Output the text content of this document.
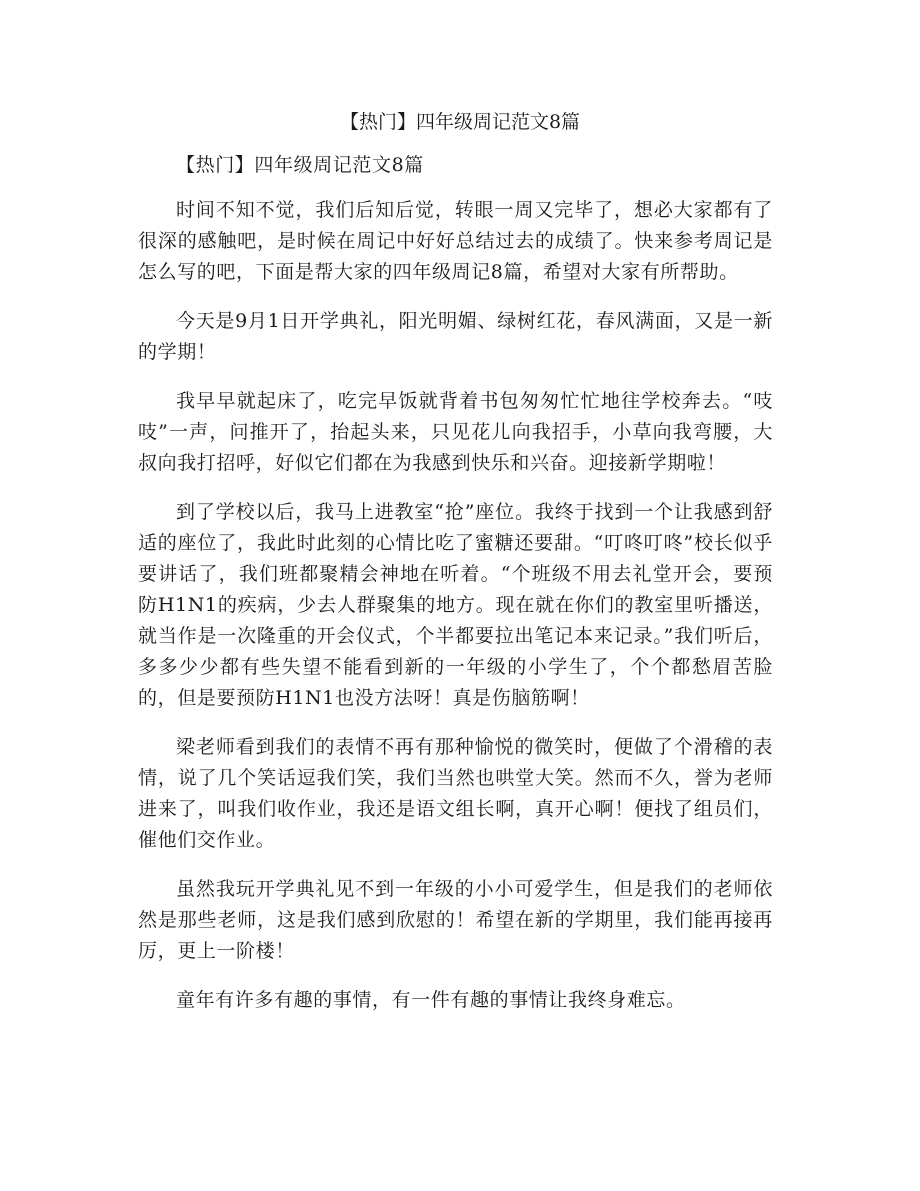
【热门】四年级周记范文8篇

【热门】四年级周记范文8篇

时间不知不觉，我们后知后觉，转眼一周又完毕了，想必大家都有了很深的感触吧，是时候在周记中好好总结过去的成绩了。快来参考周记是怎么写的吧，下面是帮大家的四年级周记8篇，希望对大家有所帮助。

今天是9月1日开学典礼，阳光明媚、绿树红花，春风满面，又是一新的学期！

我早早就起床了，吃完早饭就背着书包匆匆忙忙地往学校奔去。“吱吱”一声，问推开了，抬起头来，只见花儿向我招手，小草向我弯腰，大叔向我打招呼，好似它们都在为我感到快乐和兴奋。迎接新学期啦！

到了学校以后，我马上进教室“抢”座位。我终于找到一个让我感到舒适的座位了，我此时此刻的心情比吃了蜜糖还要甜。“叮咚叮咚”校长似乎要讲话了，我们班都聚精会神地在听着。“个班级不用去礼堂开会，要预防H1N1的疾病，少去人群聚集的地方。现在就在你们的教室里听播送，就当作是一次隆重的开会仪式，个半都要拉出笔记本来记录。”我们听后，多多少少都有些失望不能看到新的一年级的小学生了，个个都愁眉苦脸的，但是要预防H1N1也没方法呀！真是伤脑筋啊！

梁老师看到我们的表情不再有那种愉悦的微笑时，便做了个滑稽的表情，说了几个笑话逗我们笑，我们当然也哄堂大笑。然而不久，誉为老师进来了，叫我们收作业，我还是语文组长啊，真开心啊！便找了组员们，催他们交作业。

虽然我玩开学典礼见不到一年级的小小可爱学生，但是我们的老师依然是那些老师，这是我们感到欣慰的！希望在新的学期里，我们能再接再厉，更上一阶楼！

童年有许多有趣的事情，有一件有趣的事情让我终身难忘。
